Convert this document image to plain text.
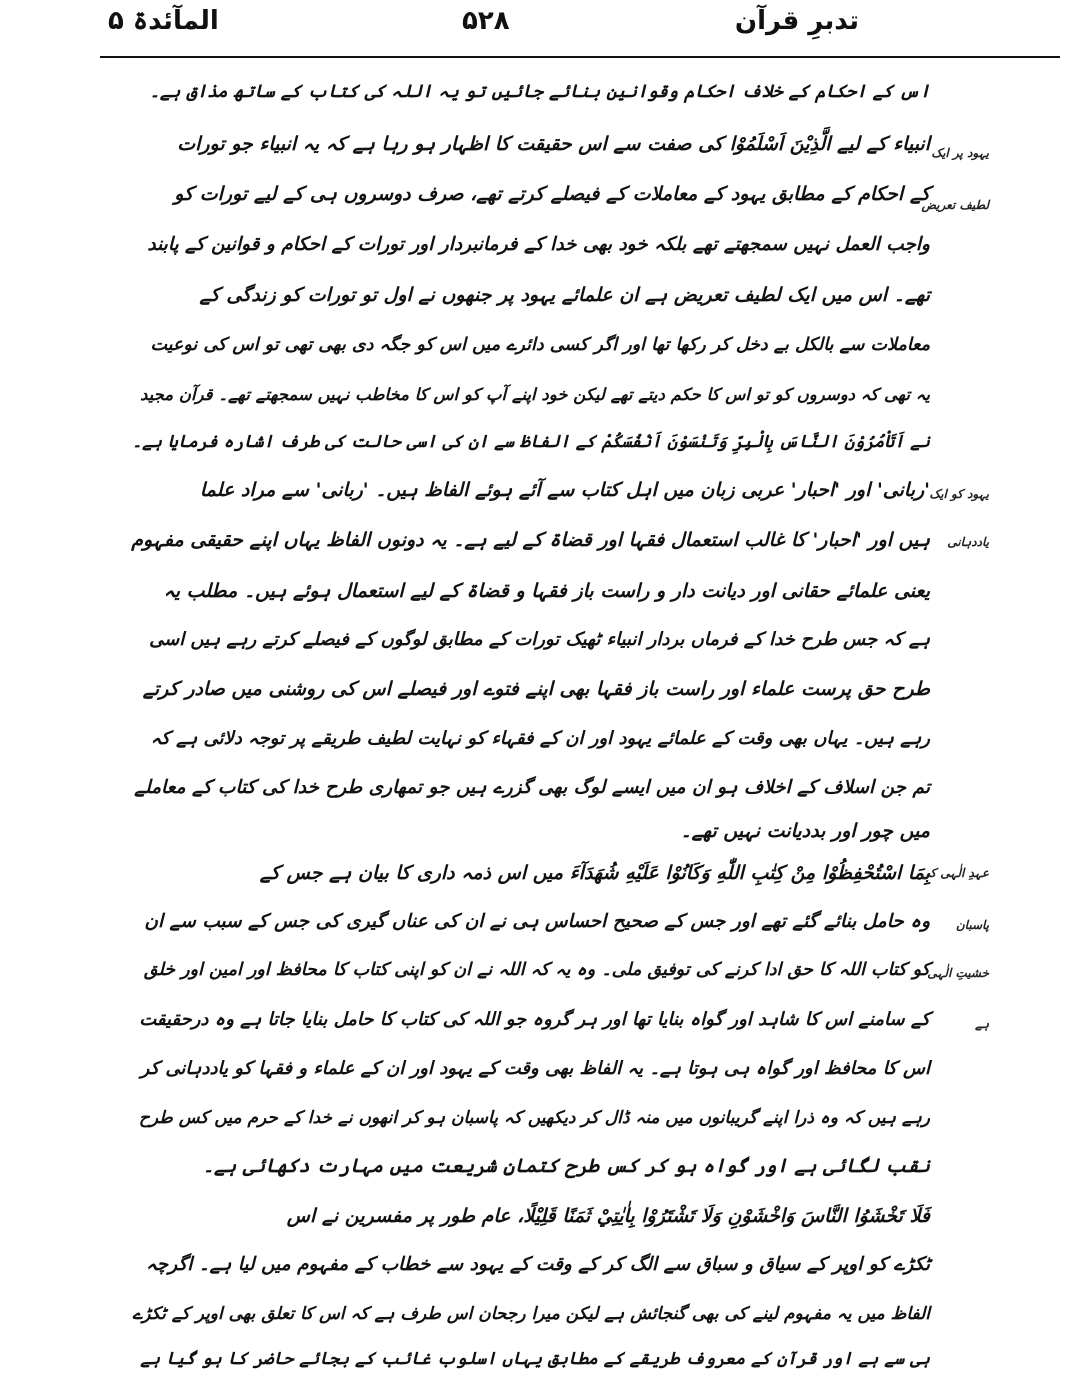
تدبرِ قرآن
۵۲۸
المآئدۃ ۵
اس کے احکام کے خلاف احکام وقوانین بنائے جائیں تو یہ اللہ کی کتاب کے ساتھ مذاق ہے۔
انبیاء کے لیے الَّذِيْنَ اَسْلَمُوْا کی صفت سے اس حقیقت کا اظہار ہو رہا ہے کہ یہ انبیاء جو تورات
کے احکام کے مطابق یہود کے معاملات کے فیصلے کرتے تھے، صرف دوسروں ہی کے لیے تورات کو
واجب العمل نہیں سمجھتے تھے بلکہ خود بھی خدا کے فرمانبردار اور تورات کے احکام و قوانین کے پابند
تھے۔ اس میں ایک لطیف تعریض ہے ان علمائے یہود پر جنھوں نے اول تو تورات کو زندگی کے
معاملات سے بالکل بے دخل کر رکھا تھا اور اگر کسی دائرے میں اس کو جگہ دی بھی تھی تو اس کی نوعیت
یہ تھی کہ دوسروں کو تو اس کا حکم دیتے تھے لیکن خود اپنے آپ کو اس کا مخاطب نہیں سمجھتے تھے۔ قرآن مجید
نے اَتَاْمُرُوْنَ النَّاسَ بِالْبِرِّ وَتَنْسَوْنَ اَنْفُسَكُمْ کے الفاظ سے ان کی اسی حالت کی طرف اشارہ فرمایا ہے۔
'ربانی' اور 'احبار' عربی زبان میں اہل کتاب سے آئے ہوئے الفاظ ہیں۔ 'ربانی' سے مراد علما
ہیں اور 'احبار' کا غالب استعمال فقہا اور قضاۃ کے لیے ہے۔ یہ دونوں الفاظ یہاں اپنے حقیقی مفہوم
یعنی علمائے حقانی اور دیانت دار و راست باز فقہا و قضاۃ کے لیے استعمال ہوئے ہیں۔ مطلب یہ
ہے کہ جس طرح خدا کے فرماں بردار انبیاء ٹھیک تورات کے مطابق لوگوں کے فیصلے کرتے رہے ہیں اسی
طرح حق پرست علماء اور راست باز فقہا بھی اپنے فتوے اور فیصلے اس کی روشنی میں صادر کرتے
رہے ہیں۔ یہاں بھی وقت کے علمائے یہود اور ان کے فقہاء کو نہایت لطیف طریقے پر توجہ دلائی ہے کہ
تم جن اسلاف کے اخلاف ہو ان میں ایسے لوگ بھی گزرے ہیں جو تمھاری طرح خدا کی کتاب کے معاملے
میں چور اور بددیانت نہیں تھے۔
بِمَا اسْتُحْفِظُوْا مِنْ كِتٰبِ اللّٰهِ وَكَانُوْا عَلَيْهِ شُهَدَآءَ میں اس ذمہ داری کا بیان ہے جس کے
وہ حامل بنائے گئے تھے اور جس کے صحیح احساس ہی نے ان کی عناں گیری کی جس کے سبب سے ان
کو کتاب اللہ کا حق ادا کرنے کی توفیق ملی۔ وہ یہ کہ اللہ نے ان کو اپنی کتاب کا محافظ اور امین اور خلق
کے سامنے اس کا شاہد اور گواہ بنایا تھا اور ہر گروہ جو اللہ کی کتاب کا حامل بنایا جاتا ہے وہ درحقیقت
اس کا محافظ اور گواہ ہی ہوتا ہے۔ یہ الفاظ بھی وقت کے یہود اور ان کے علماء و فقہا کو یاددہانی کر
رہے ہیں کہ وہ ذرا اپنے گریبانوں میں منہ ڈال کر دیکھیں کہ پاسبان ہو کر انھوں نے خدا کے حرم میں کس طرح
نقب لگائی ہے اور گواہ ہو کر کس طرح کتمانِ شریعت میں مہارت دکھائی ہے۔
فَلَا تَخْشَوُا النَّاسَ وَاخْشَوْنِ وَلَا تَشْتَرُوْا بِاٰيٰتِيْ ثَمَنًا قَلِيْلًا، عام طور پر مفسرین نے اس
ٹکڑے کو اوپر کے سیاق و سباق سے الگ کر کے وقت کے یہود سے خطاب کے مفہوم میں لیا ہے۔ اگرچہ
الفاظ میں یہ مفہوم لینے کی بھی گنجائش ہے لیکن میرا رجحان اس طرف ہے کہ اس کا تعلق بھی اوپر کے ٹکڑے
ہی سے ہے اور قرآن کے معروف طریقے کے مطابق یہاں اسلوب غائب کے بجائے حاضر کا ہو گیا ہے
یہود پر ایک
لطیف تعریض
یہود کو ایک
یاددہانی
عہدِ الٰہی کی
پاسبان
خشیتِ الٰہی
ہے
